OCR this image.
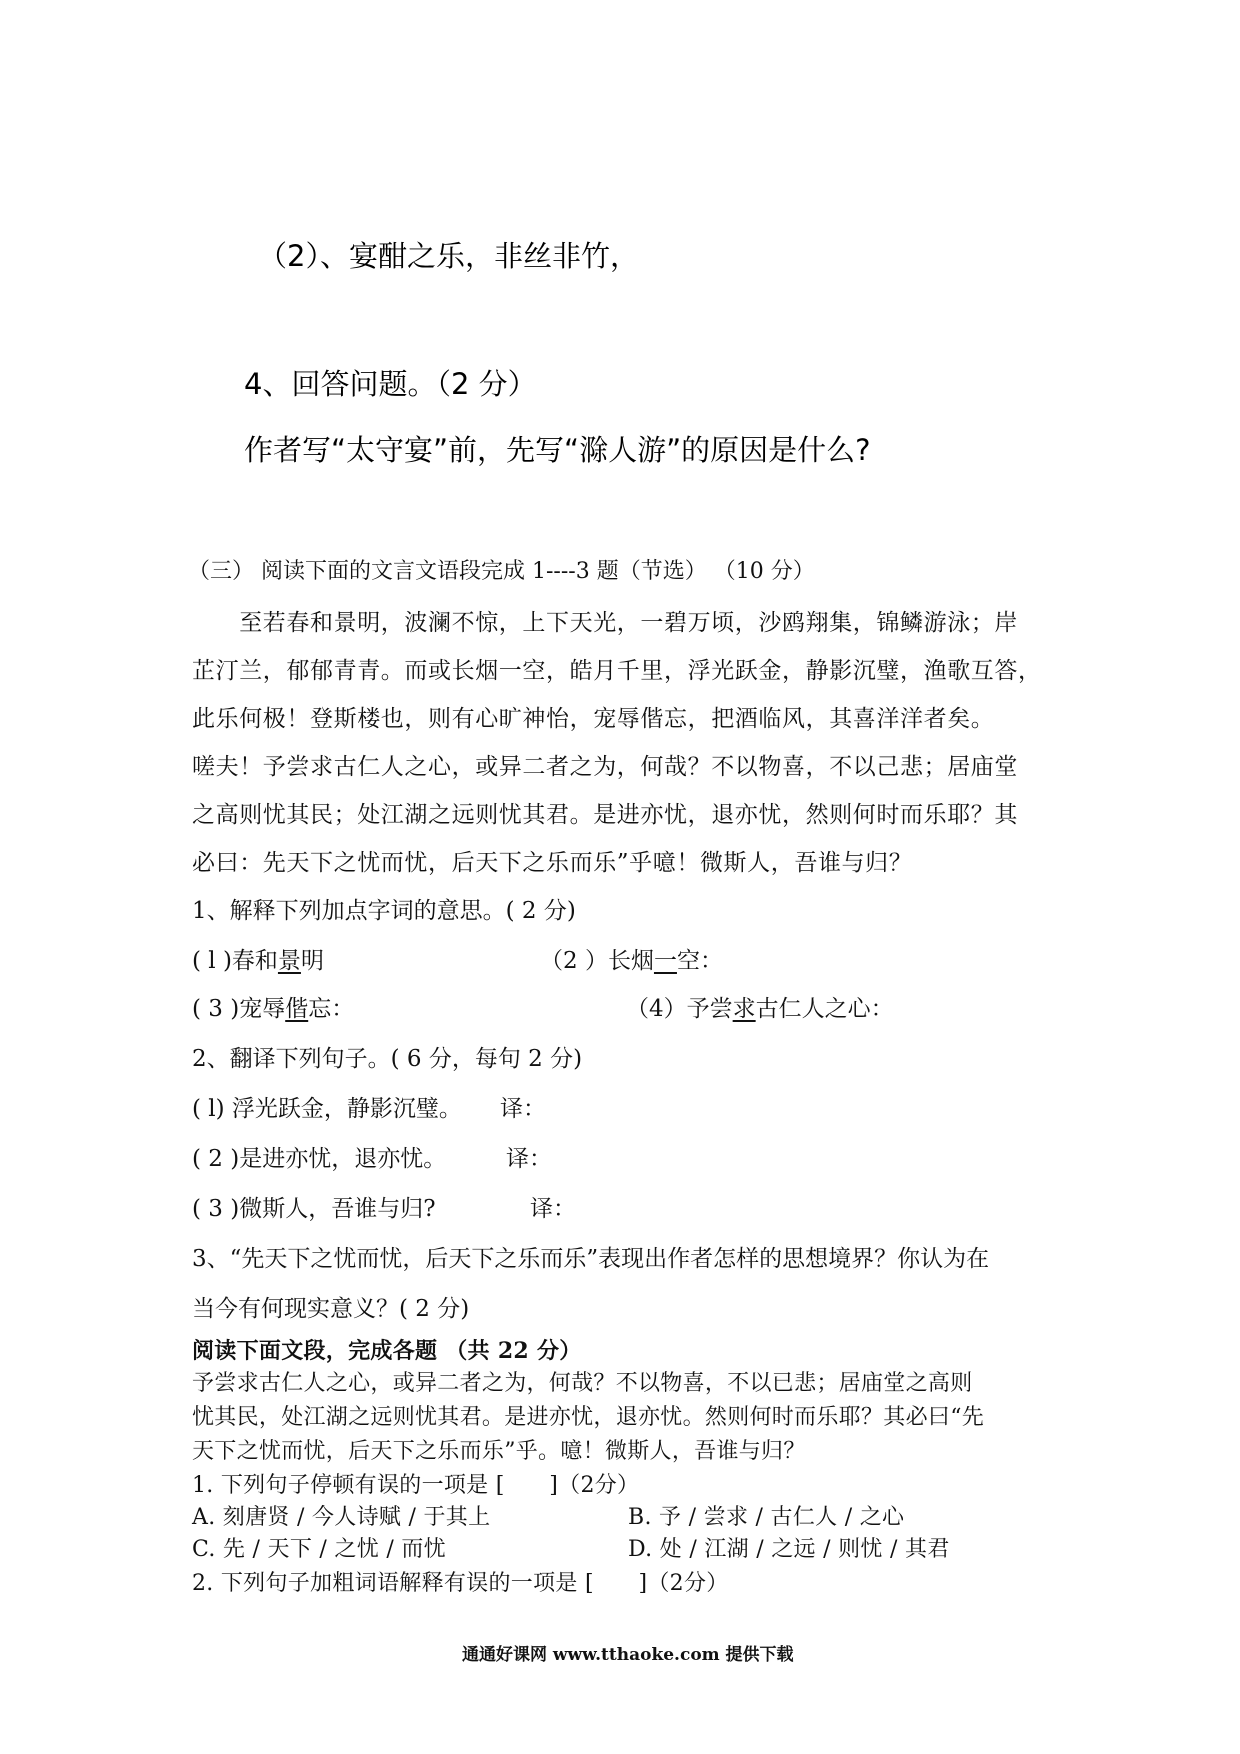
（2）、宴酣之乐，非丝非竹，
4、回答问题。（2 分）
作者写“太守宴”前，先写“滁人游”的原因是什么?
（三） 阅读下面的文言文语段完成 1----3 题（节选） （10 分）
　　至若春和景明，波澜不惊，上下天光，一碧万顷，沙鸥翔集，锦鳞游泳；岸
芷汀兰，郁郁青青。而或长烟一空，皓月千里，浮光跃金，静影沉璧，渔歌互答，
此乐何极！登斯楼也，则有心旷神怡，宠辱偕忘，把酒临风，其喜洋洋者矣。
嗟夫！予尝求古仁人之心，或异二者之为，何哉？不以物喜，不以己悲；居庙堂
之高则忧其民；处江湖之远则忧其君。是进亦忧，退亦忧，然则何时而乐耶？其
必曰：先天下之忧而忧，后天下之乐而乐”乎噫！微斯人，吾谁与归？
1、解释下列加点字词的意思。( 2 分)
( l )春和景明	（2 ）长烟一空：
( 3 )宠辱偕忘：	（4）予尝求古仁人之心：
2、翻译下列句子。( 6 分，每句 2 分)
( l) 浮光跃金，静影沉璧。 译：
( 2 )是进亦忧，退亦忧。	译：
( 3 )微斯人，吾谁与归?	译：
3、“先天下之忧而忧，后天下之乐而乐”表现出作者怎样的思想境界？你认为在
当今有何现实意义？( 2 分)
阅读下面文段，完成各题 （共 22 分）
予尝求古仁人之心，或异二者之为，何哉？不以物喜，不以已悲；居庙堂之高则
忧其民，处江湖之远则忧其君。是进亦忧，退亦忧。然则何时而乐耶？其必曰“先
天下之忧而忧，后天下之乐而乐”乎。噫！微斯人，吾谁与归？
1. 下列句子停顿有误的一项是 [　　]（2分）
A. 刻唐贤 / 今人诗赋 / 于其上	B. 予 / 尝求 / 古仁人 / 之心
C. 先 / 天下 / 之忧 / 而忧	D. 处 / 江湖 / 之远 / 则忧 / 其君
2. 下列句子加粗词语解释有误的一项是 [　　]（2分）
通通好课网 www.tthaoke.com 提供下载
